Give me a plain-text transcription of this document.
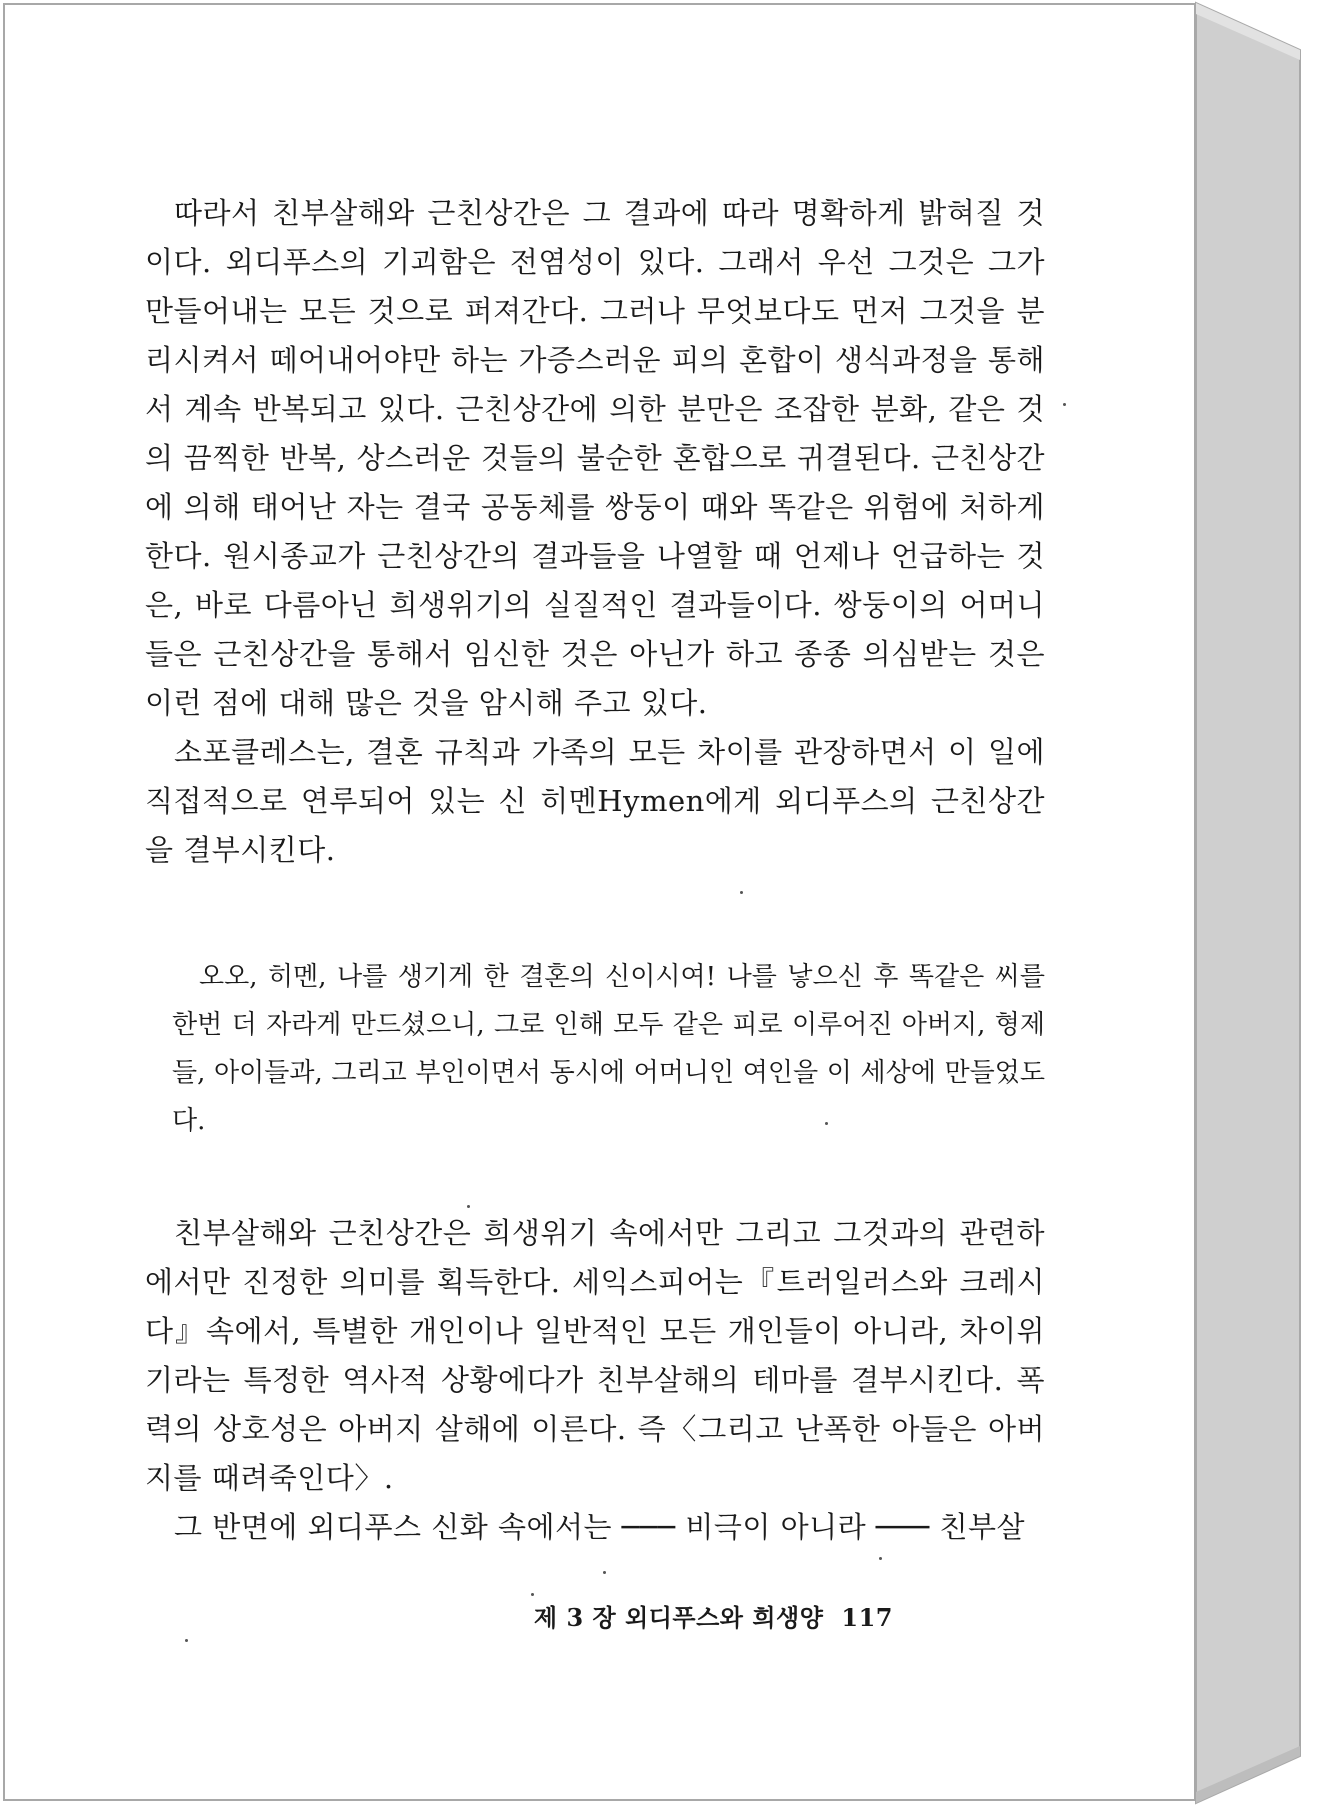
따라서 친부살해와 근친상간은 그 결과에 따라 명확하게 밝혀질 것이다. 외디푸스의 기괴함은 전염성이 있다. 그래서 우선 그것은 그가 만들어내는 모든 것으로 퍼져간다. 그러나 무엇보다도 먼저 그것을 분리시켜서 떼어내어야만 하는 가증스러운 피의 혼합이 생식과정을 통해서 계속 반복되고 있다. 근친상간에 의한 분만은 조잡한 분화, 같은 것의 끔찍한 반복, 상스러운 것들의 불순한 혼합으로 귀결된다. 근친상간에 의해 태어난 자는 결국 공동체를 쌍둥이 때와 똑같은 위험에 처하게 한다. 원시종교가 근친상간의 결과들을 나열할 때 언제나 언급하는 것은, 바로 다름아닌 희생위기의 실질적인 결과들이다. 쌍둥이의 어머니들은 근친상간을 통해서 임신한 것은 아닌가 하고 종종 의심받는 것은 이런 점에 대해 많은 것을 암시해 주고 있다.

소포클레스는, 결혼 규칙과 가족의 모든 차이를 관장하면서 이 일에 직접적으로 연루되어 있는 신 히멘Hymen에게 외디푸스의 근친상간을 결부시킨다.

오오, 히멘, 나를 생기게 한 결혼의 신이시여! 나를 낳으신 후 똑같은 씨를 한번 더 자라게 만드셨으니, 그로 인해 모두 같은 피로 이루어진 아버지, 형제들, 아이들과, 그리고 부인이면서 동시에 어머니인 여인을 이 세상에 만들었도다.

친부살해와 근친상간은 희생위기 속에서만 그리고 그것과의 관련하에서만 진정한 의미를 획득한다. 세익스피어는『트러일러스와 크레시다』속에서, 특별한 개인이나 일반적인 모든 개인들이 아니라, 차이위기라는 특정한 역사적 상황에다가 친부살해의 테마를 결부시킨다. 폭력의 상호성은 아버지 살해에 이른다. 즉〈그리고 난폭한 아들은 아버지를 때려죽인다〉.

그 반면에 외디푸스 신화 속에서는 ─── 비극이 아니라 ─── 친부살

제 3 장 외디푸스와 희생양 117
